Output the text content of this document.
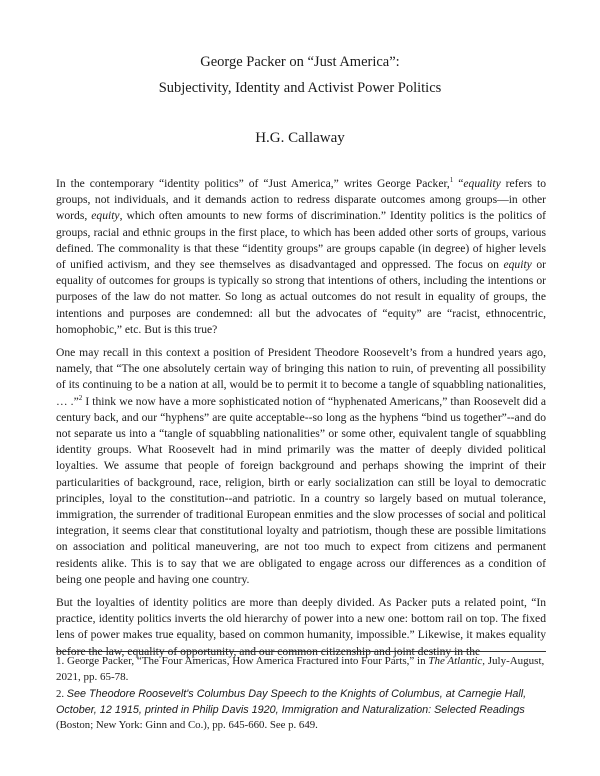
George Packer on “Just America”:
Subjectivity, Identity and Activist Power Politics
H.G. Callaway

In the contemporary “identity politics” of “Just America,” writes George Packer,$^1$ “equality refers to groups, not individuals, and it demands action to redress disparate outcomes among groups—in other words, equity, which often amounts to new forms of discrimination.” Identity politics is the politics of groups, racial and ethnic groups in the first place, to which has been added other sorts of groups, various defined. The commonality is that these “identity groups” are groups capable (in degree) of higher levels of unified activism, and they see themselves as disadvantaged and oppressed. The focus on equity or equality of outcomes for groups is typically so strong that intentions of others, including the intentions or purposes of the law do not matter. So long as actual outcomes do not result in equality of groups, the intentions and purposes are condemned: all but the advocates of “equity” are “racist, ethnocentric, homophobic,” etc. But is this true?

One may recall in this context a position of President Theodore Roosevelt’s from a hundred years ago, namely, that “The one absolutely certain way of bringing this nation to ruin, of preventing all possibility of its continuing to be a nation at all, would be to permit it to become a tangle of squabbling nationalities, … .”$^2$ I think we now have a more sophisticated notion of “hyphenated Americans,” than Roosevelt did a century back, and our “hyphens” are quite acceptable--so long as the hyphens “bind us together”--and do not separate us into a “tangle of squabbling nationalities” or some other, equivalent tangle of squabbling identity groups. What Roosevelt had in mind primarily was the matter of deeply divided political loyalties. We assume that people of foreign background and perhaps showing the imprint of their particularities of background, race, religion, birth or early socialization can still be loyal to democratic principles, loyal to the constitution--and patriotic. In a country so largely based on mutual tolerance, immigration, the surrender of traditional European enmities and the slow processes of social and political integration, it seems clear that constitutional loyalty and patriotism, though these are possible limitations on association and political maneuvering, are not too much to expect from citizens and permanent residents alike. This is to say that we are obligated to engage across our differences as a condition of being one people and having one country.

But the loyalties of identity politics are more than deeply divided. As Packer puts a related point, “In practice, identity politics inverts the old hierarchy of power into a new one: bottom rail on top. The fixed lens of power makes true equality, based on common humanity, impossible.” Likewise, it makes equality before the law, equality of opportunity, and our common citizenship and joint destiny in the

1. George Packer, “The Four Americas, How America Fractured into Four Parts,” in The Atlantic, July-August, 2021, pp. 65-78.

2. See Theodore Roosevelt's Columbus Day Speech to the Knights of Columbus, at Carnegie Hall, October, 12 1915, printed in Philip Davis 1920, Immigration and Naturalization: Selected Readings (Boston; New York: Ginn and Co.), pp. 645-660. See p. 649.
